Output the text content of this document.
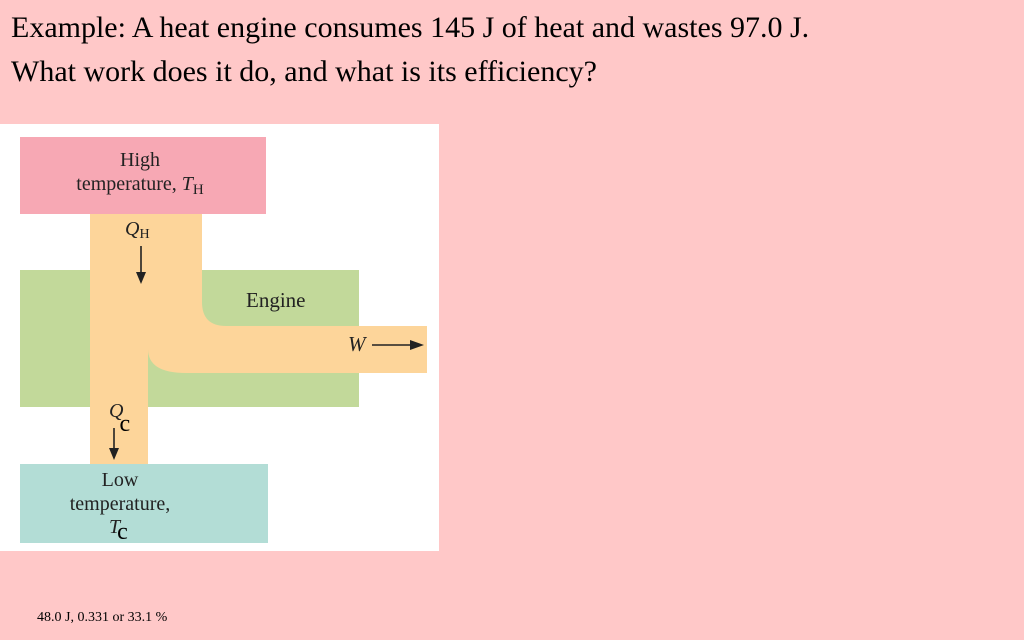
Example: A heat engine consumes 145 J of heat and wastes 97.0 J.
What work does it do, and what is its efficiency?
High
temperature, $T_H$
QH
Engine
W
Qc
Low
temperature,
Tc
48.0 J, 0.331 or 33.1 %
